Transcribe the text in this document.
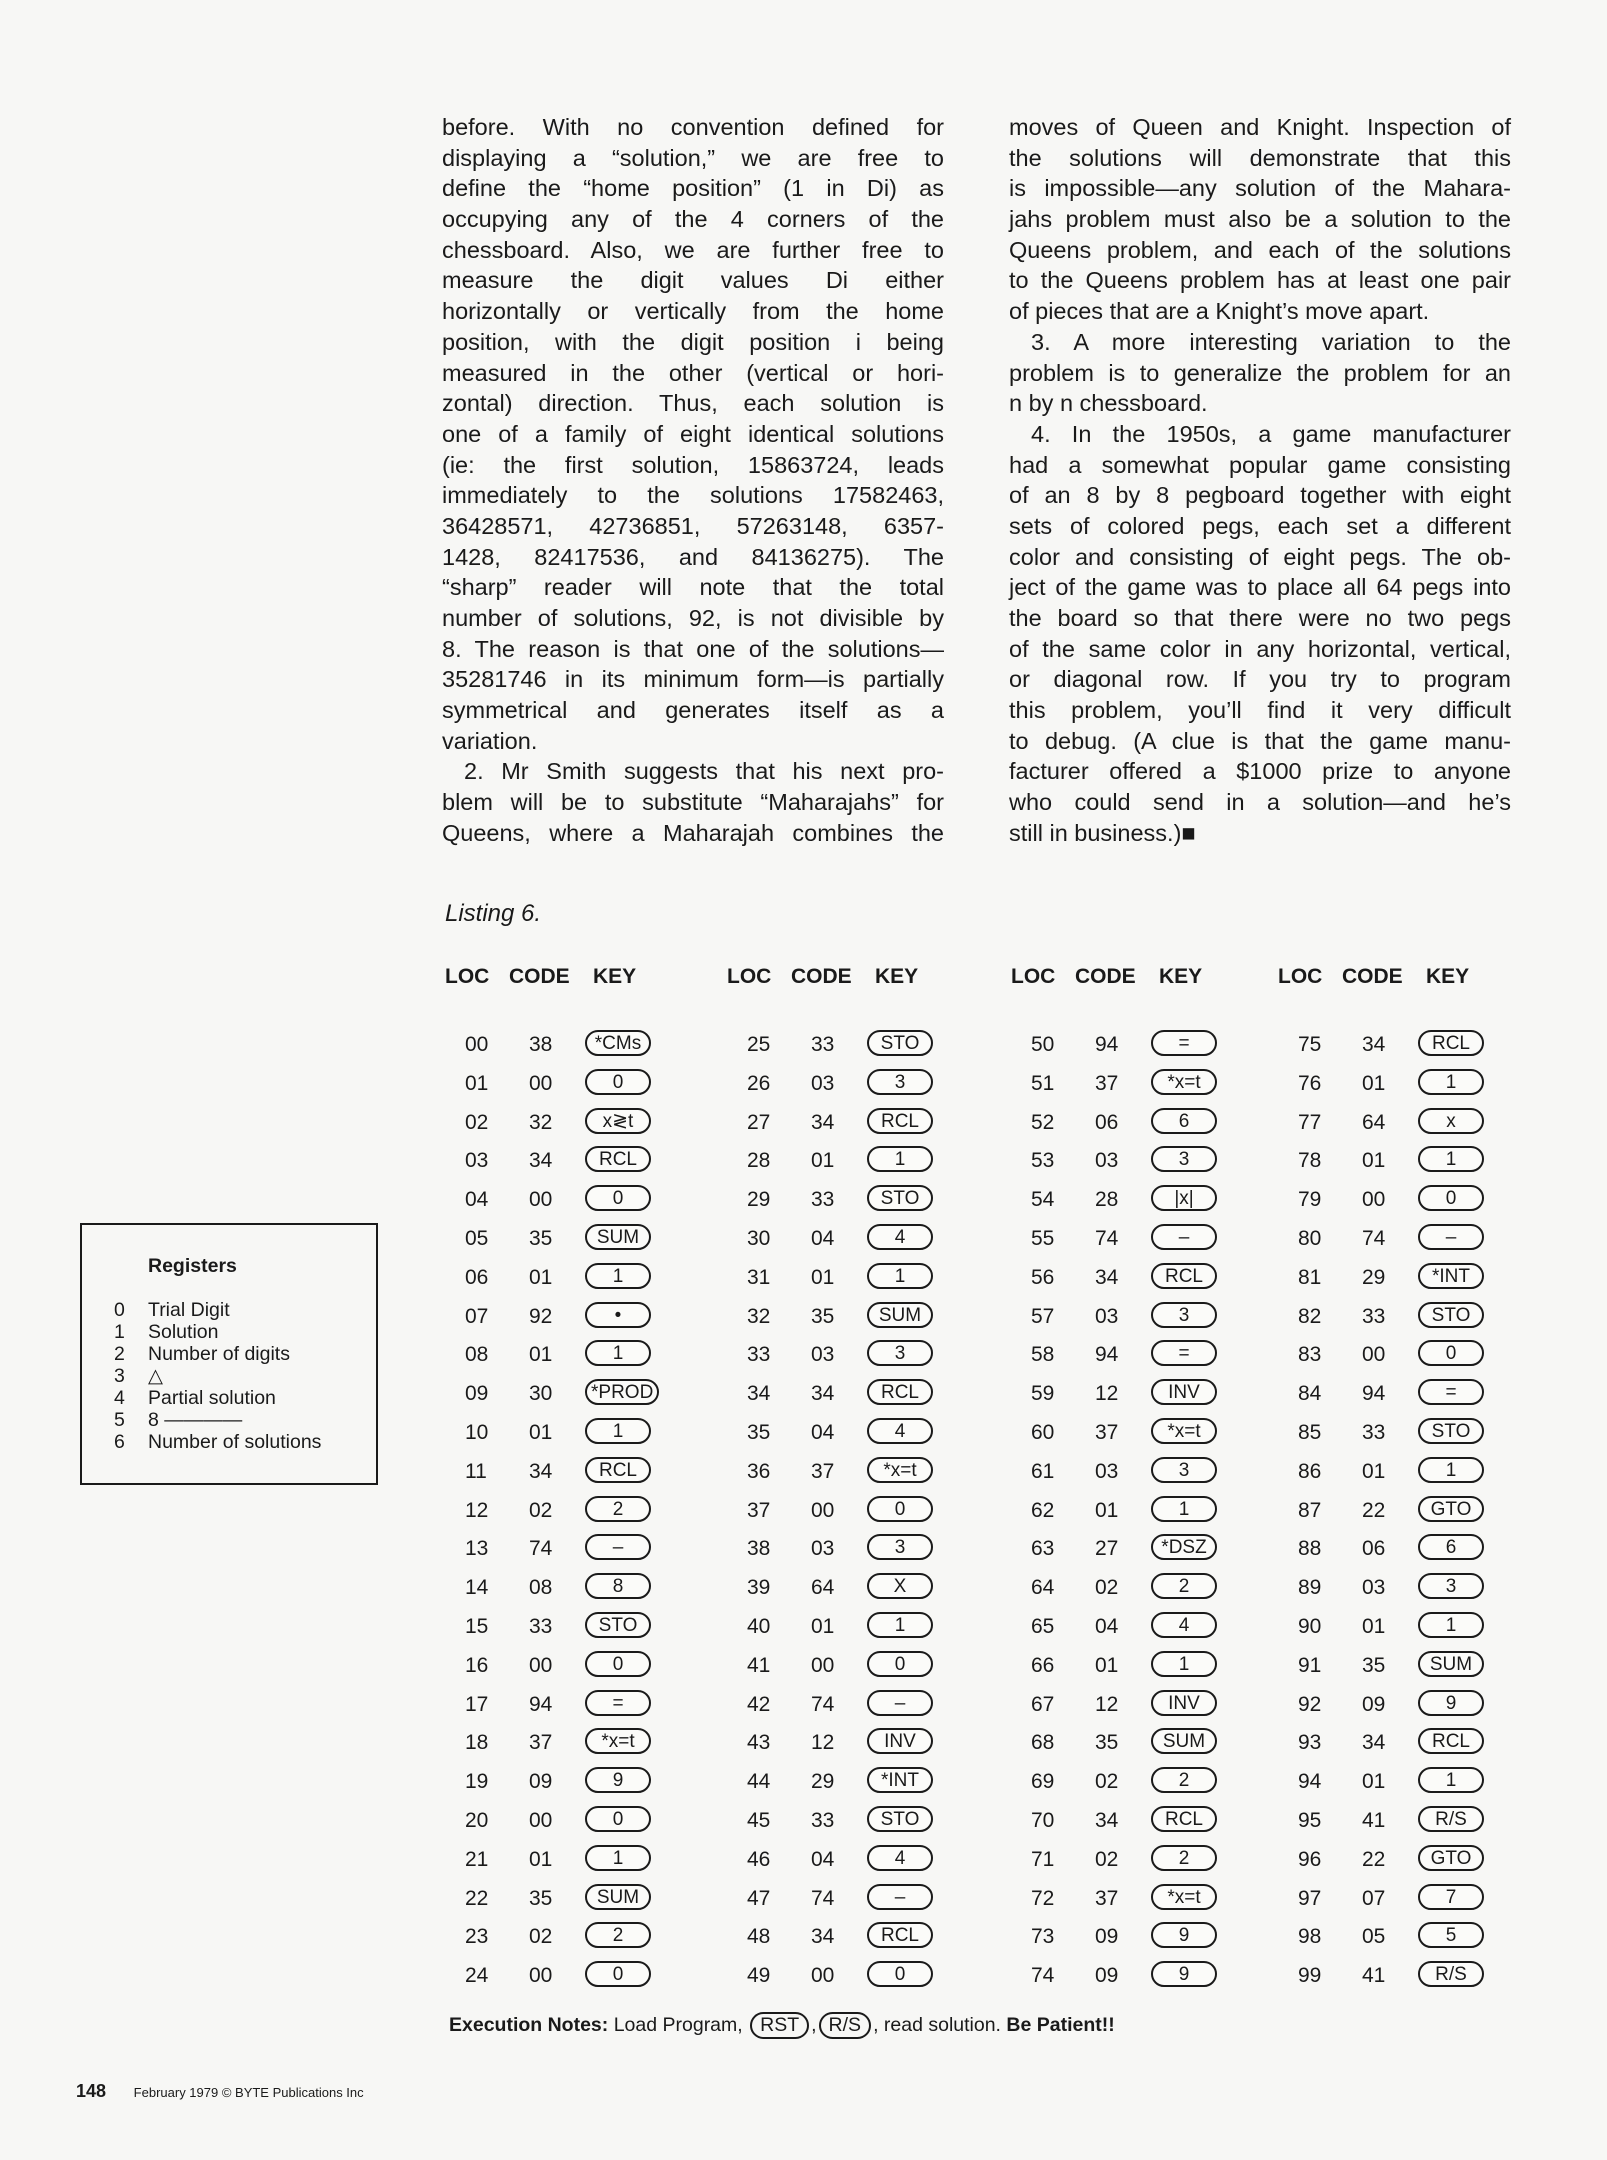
before. With no convention defined for
displaying a “solution,” we are free to
define the “home position” (1 in Di) as
occupying any of the 4 corners of the
chessboard. Also, we are further free to
measure the digit values Di either
horizontally or vertically from the home
position, with the digit position i being
measured in the other (vertical or hori-
zontal) direction. Thus, each solution is
one of a family of eight identical solutions
(ie: the first solution, 15863724, leads
immediately to the solutions 17582463,
36428571, 42736851, 57263148, 6357-
1428, 82417536, and 84136275). The
“sharp” reader will note that the total
number of solutions, 92, is not divisible by
8. The reason is that one of the solutions—
35281746 in its minimum form—is partially
symmetrical and generates itself as a
variation.
2. Mr Smith suggests that his next pro-
blem will be to substitute “Maharajahs” for
Queens, where a Maharajah combines the
moves of Queen and Knight. Inspection of
the solutions will demonstrate that this
is impossible—any solution of the Mahara-
jahs problem must also be a solution to the
Queens problem, and each of the solutions
to the Queens problem has at least one pair
of pieces that are a Knight’s move apart.
3. A more interesting variation to the
problem is to generalize the problem for an
n by n chessboard.
4. In the 1950s, a game manufacturer
had a somewhat popular game consisting
of an 8 by 8 pegboard together with eight
sets of colored pegs, each set a different
color and consisting of eight pegs. The ob-
ject of the game was to place all 64 pegs into
the board so that there were no two pegs
of the same color in any horizontal, vertical,
or diagonal row. If you try to program
this problem, you’ll find it very difficult
to debug. (A clue is that the game manu-
facturer offered a $1000 prize to anyone
who could send in a solution—and he’s
still in business.)■
Listing 6.
LOC CODE KEY
00 38	*CMs
01 00	0
02 32	x≷t
03 34	RCL
04 00	0
05 35	SUM
06 01	1
07 92	•
08 01	1
09 30	*PROD
10 01	1
11 34	RCL
12 02	2
13 74	–
14 08	8
15 33	STO
16 00	0
17 94	=
18 37	*x=t
19 09	9
20 00	0
21 01	1
22 35	SUM
23 02	2
24 00	0
LOC CODE KEY
25 33	STO
26 03	3
27 34	RCL
28 01	1
29 33	STO
30 04	4
31 01	1
32 35	SUM
33 03	3
34 34	RCL
35 04	4
36 37	*x=t
37 00	0
38 03	3
39 64	X
40 01	1
41 00	0
42 74	–
43 12	INV
44 29	*INT
45 33	STO
46 04	4
47 74	–
48 34	RCL
49 00	0
LOC CODE KEY
50 94	=
51 37	*x=t
52 06	6
53 03	3
54 28	|x|
55 74	–
56 34	RCL
57 03	3
58 94	=
59 12	INV
60 37	*x=t
61 03	3
62 01	1
63 27	*DSZ
64 02	2
65 04	4
66 01	1
67 12	INV
68 35	SUM
69 02	2
70 34	RCL
71 02	2
72 37	*x=t
73 09	9
74 09	9
LOC CODE KEY
75 34	RCL
76 01	1
77 64	x
78 01	1
79 00	0
80 74	–
81 29	*INT
82 33	STO
83 00	0
84 94	=
85 33	STO
86 01	1
87 22	GTO
88 06	6
89 03	3
90 01	1
91 35	SUM
92 09	9
93 34	RCL
94 01	1
95 41	R/S
96 22	GTO
97 07	7
98 05	5
99 41	R/S
Registers
0 Trial Digit
1 Solution
2 Number of digits
3 △
4 Partial solution
5 8 ————
6 Number of solutions
Execution Notes: Load Program, RST , R/S , read solution. Be Patient!!
148 February 1979 © BYTE Publications Inc
